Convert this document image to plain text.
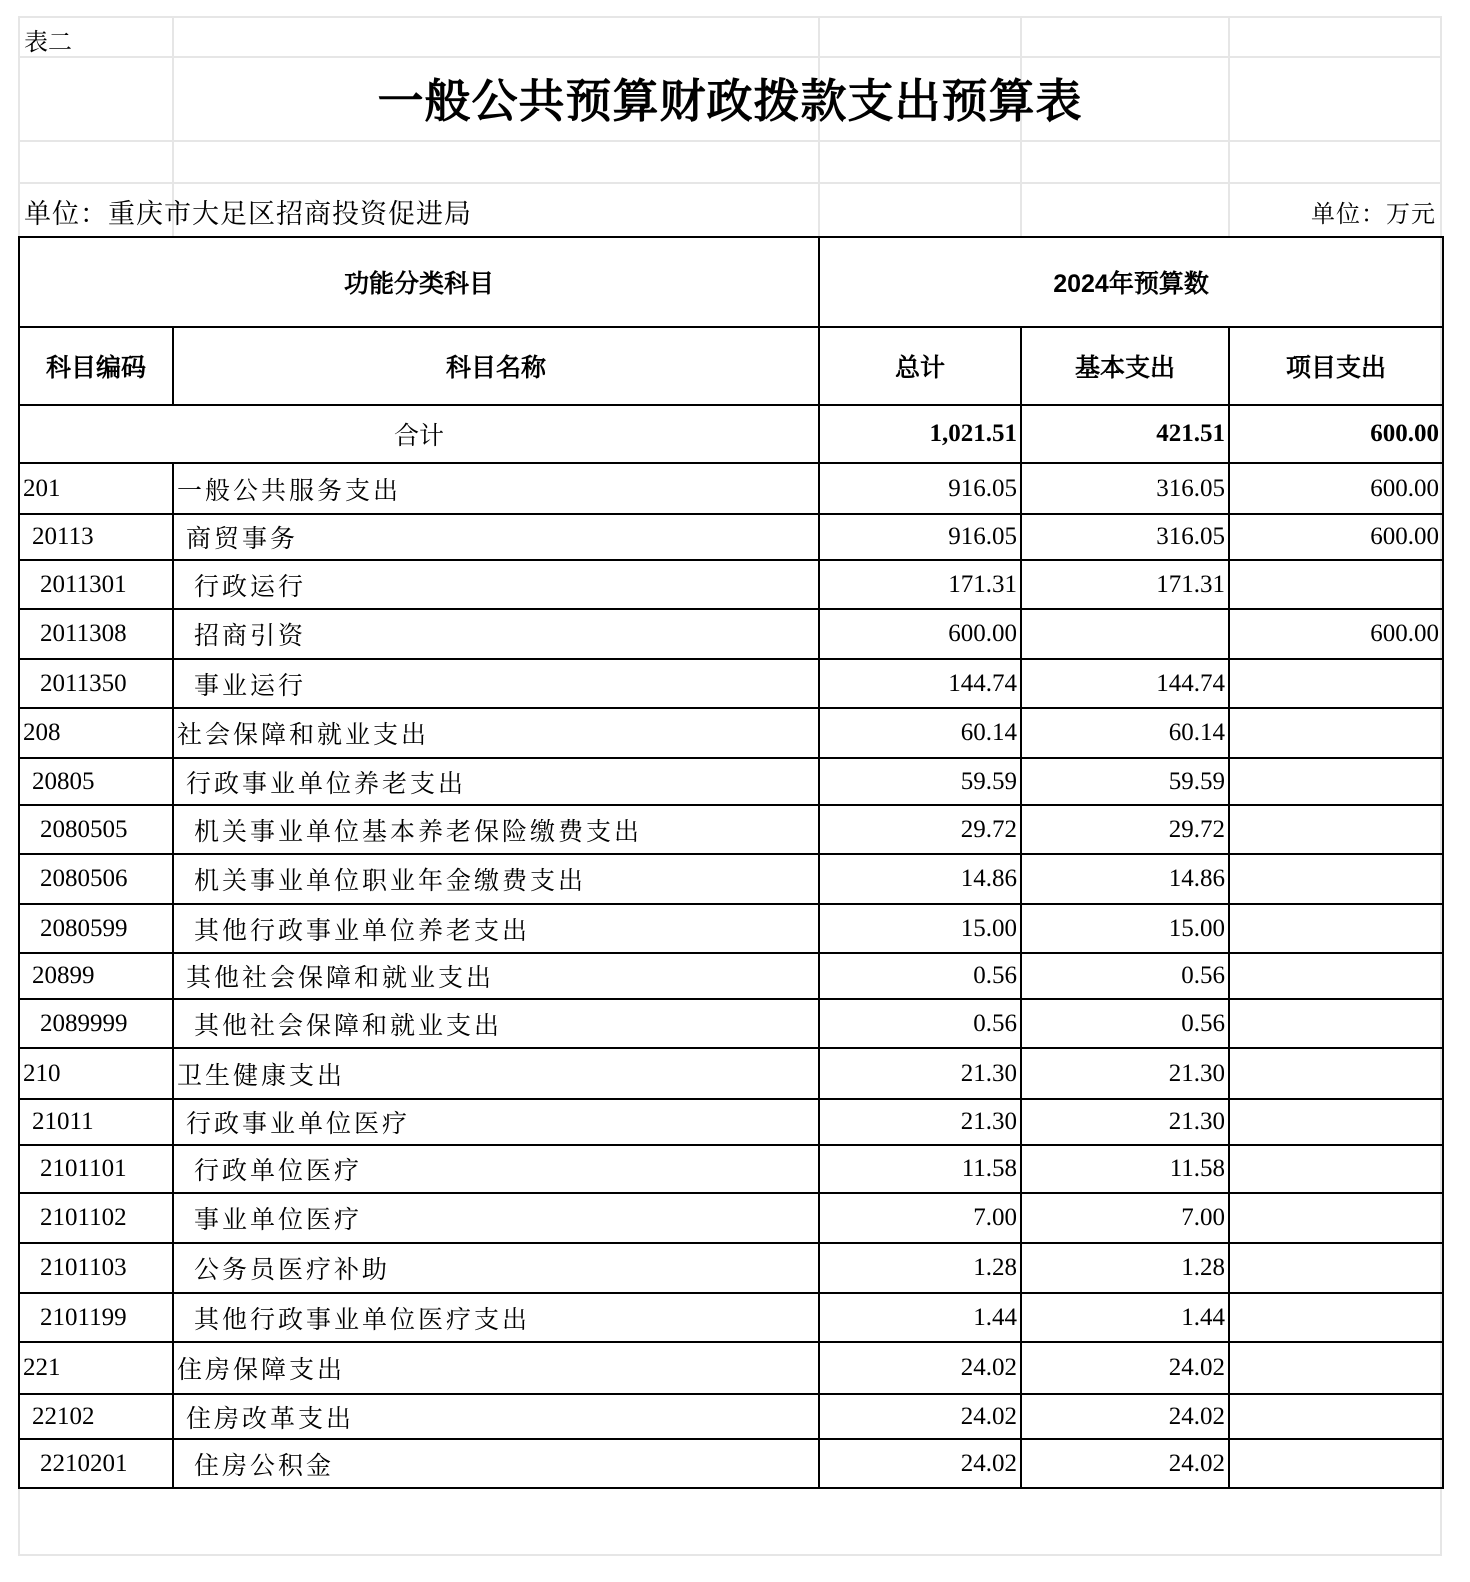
表二
一般公共预算财政拨款支出预算表
单位：重庆市大足区招商投资促进局	单位：万元
功能分类科目		2024年预算数		
科目编码	科目名称	总计	基本支出	项目支出
合计		1,021.51	421.51	600.00
201	一般公共服务支出	916.05	316.05	600.00
20113	商贸事务	916.05	316.05	600.00
2011301	行政运行	171.31	171.31	
2011308	招商引资	600.00		600.00
2011350	事业运行	144.74	144.74	
208	社会保障和就业支出	60.14	60.14	
20805	行政事业单位养老支出	59.59	59.59	
2080505	机关事业单位基本养老保险缴费支出	29.72	29.72	
2080506	机关事业单位职业年金缴费支出	14.86	14.86	
2080599	其他行政事业单位养老支出	15.00	15.00	
20899	其他社会保障和就业支出	0.56	0.56	
2089999	其他社会保障和就业支出	0.56	0.56	
210	卫生健康支出	21.30	21.30	
21011	行政事业单位医疗	21.30	21.30	
2101101	行政单位医疗	11.58	11.58	
2101102	事业单位医疗	7.00	7.00	
2101103	公务员医疗补助	1.28	1.28	
2101199	其他行政事业单位医疗支出	1.44	1.44	
221	住房保障支出	24.02	24.02	
22102	住房改革支出	24.02	24.02	
2210201	住房公积金	24.02	24.02	
